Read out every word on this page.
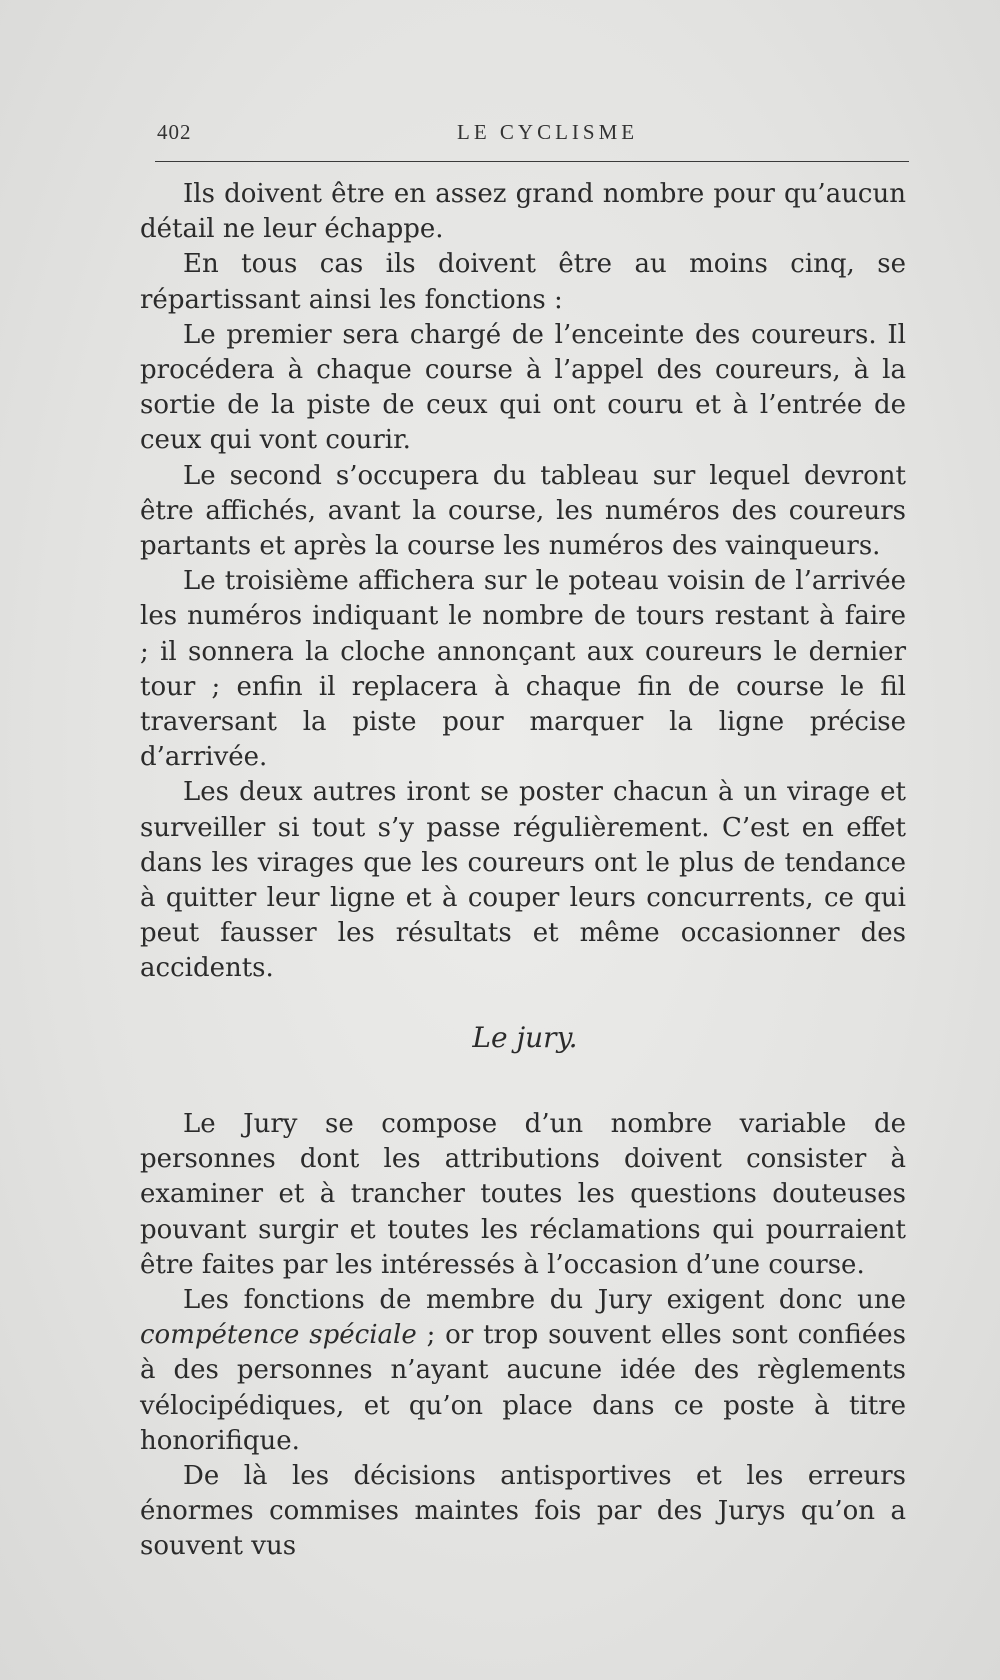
402	LE CYCLISME

Ils doivent être en assez grand nombre pour qu’aucun détail ne leur échappe.

En tous cas ils doivent être au moins cinq, se répartissant ainsi les fonctions :

Le premier sera chargé de l’enceinte des coureurs. Il procédera à chaque course à l’appel des coureurs, à la sortie de la piste de ceux qui ont couru et à l’entrée de ceux qui vont courir.

Le second s’occupera du tableau sur lequel devront être affichés, avant la course, les numéros des coureurs partants et après la course les numéros des vainqueurs.

Le troisième affichera sur le poteau voisin de l’arrivée les numéros indiquant le nombre de tours restant à faire ; il sonnera la cloche annonçant aux coureurs le dernier tour ; enfin il replacera à chaque fin de course le fil traversant la piste pour marquer la ligne précise d’arrivée.

Les deux autres iront se poster chacun à un virage et surveiller si tout s’y passe régulièrement. C’est en effet dans les virages que les coureurs ont le plus de tendance à quitter leur ligne et à couper leurs concurrents, ce qui peut fausser les résultats et même occasionner des accidents.

Le jury.

Le Jury se compose d’un nombre variable de personnes dont les attributions doivent consister à examiner et à trancher toutes les questions douteuses pouvant surgir et toutes les réclamations qui pourraient être faites par les intéressés à l’occasion d’une course.

Les fonctions de membre du Jury exigent donc une compétence spéciale ; or trop souvent elles sont confiées à des personnes n’ayant aucune idée des règlements vélocipédiques, et qu’on place dans ce poste à titre honorifique.

De là les décisions antisportives et les erreurs énormes commises maintes fois par des Jurys qu’on a souvent vus
